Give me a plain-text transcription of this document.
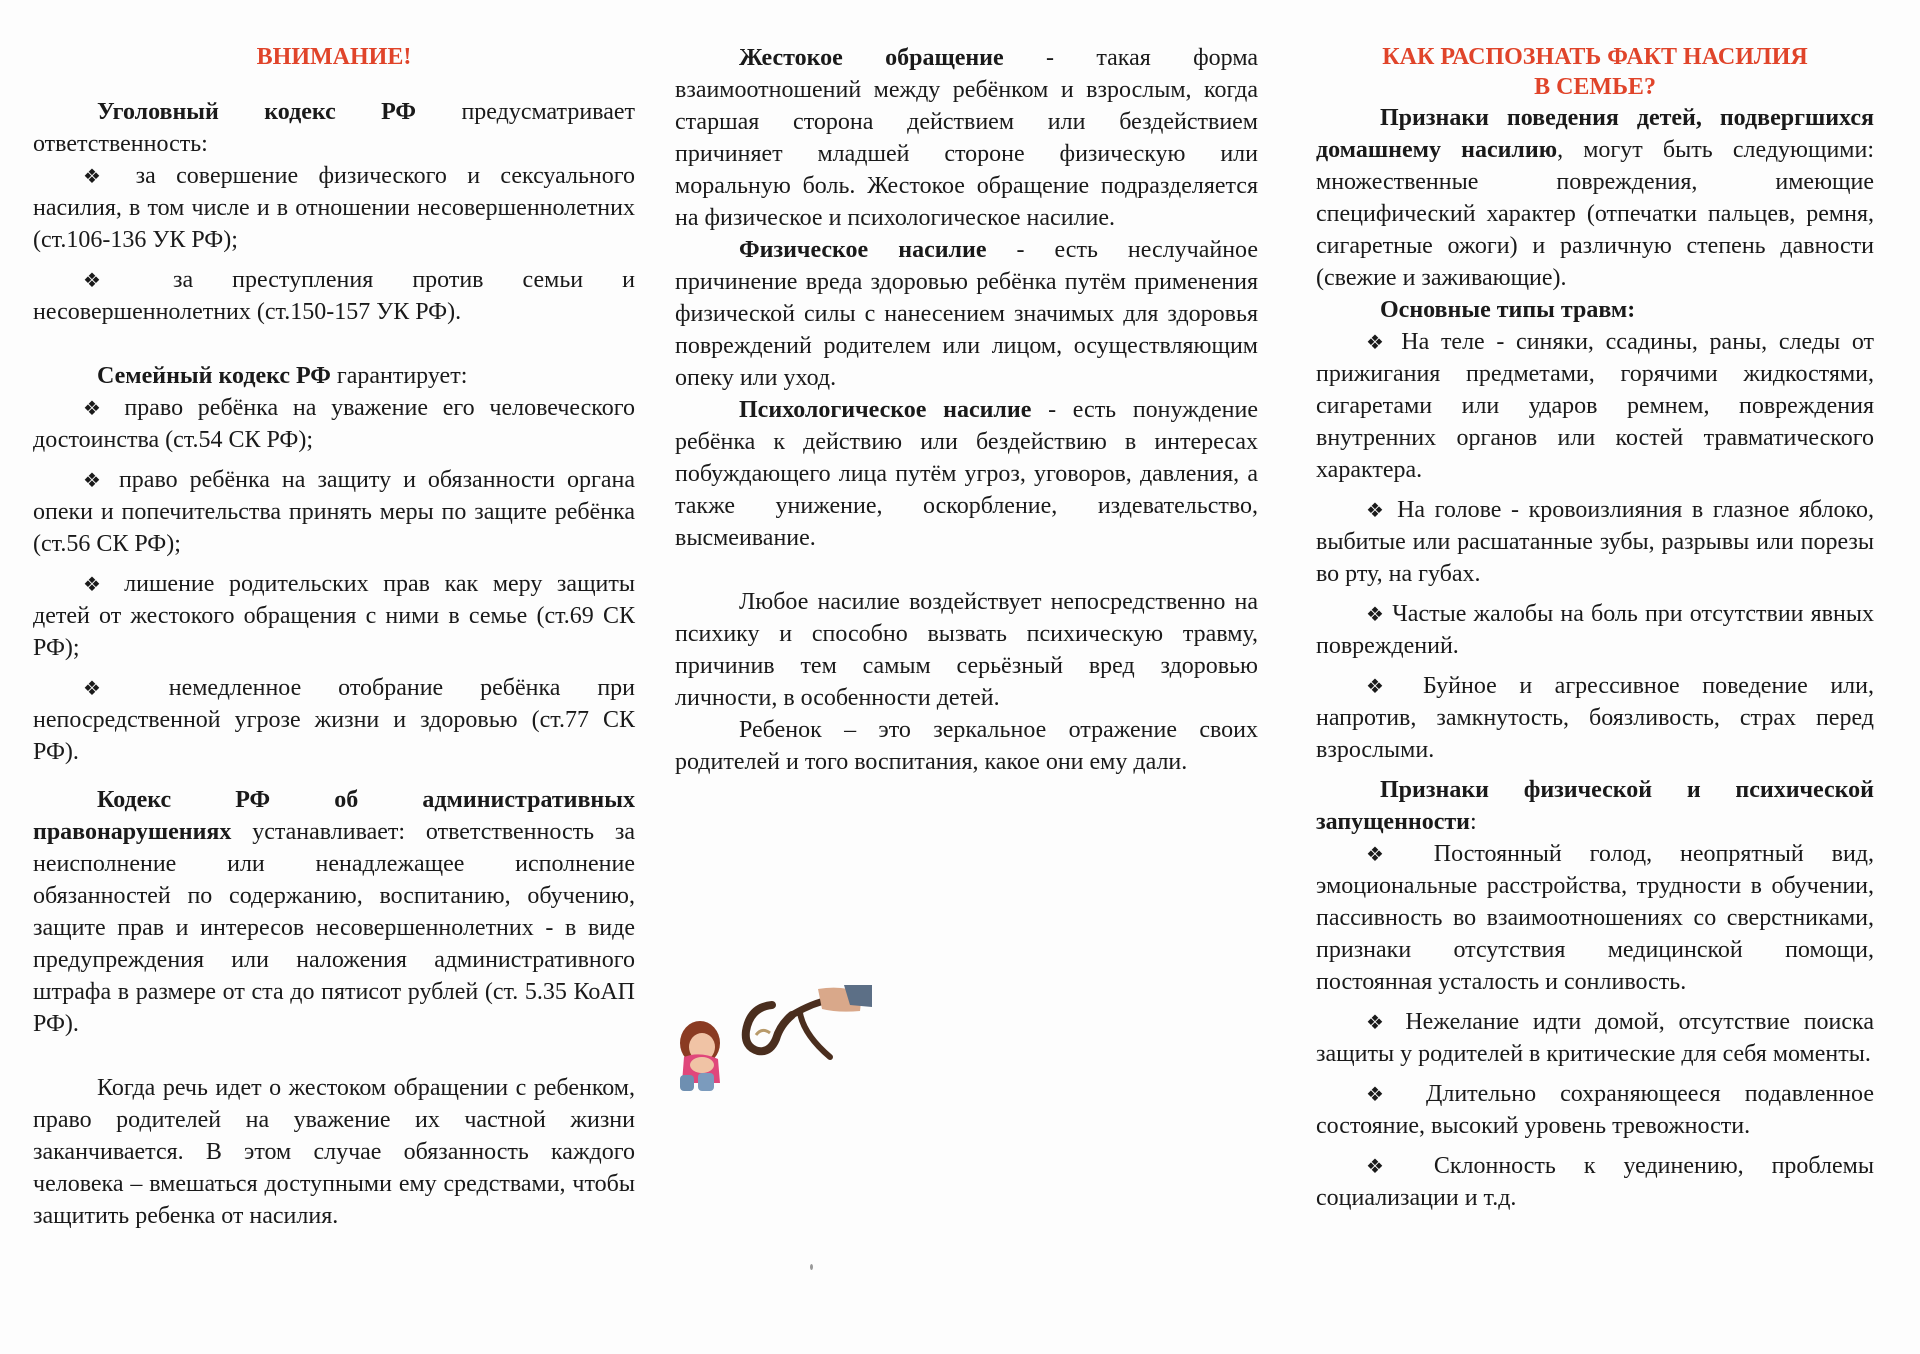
ВНИМАНИЕ!

Уголовный кодекс РФ предусматривает ответственность:

❖ за совершение физического и сексуального насилия, в том числе и в отношении несовершеннолетних (ст.106-136 УК РФ);

❖ за преступления против семьи и несовершеннолетних (ст.150-157 УК РФ).

Семейный кодекс РФ гарантирует:

❖ право ребёнка на уважение его человеческого достоинства (ст.54 СК РФ);

❖ право ребёнка на защиту и обязанности органа опеки и попечительства принять меры по защите ребёнка (ст.56 СК РФ);

❖ лишение родительских прав как меру защиты детей от жестокого обращения с ними в семье (ст.69 СК РФ);

❖ немедленное отобрание ребёнка при непосредственной угрозе жизни и здоровью (ст.77 СК РФ).

Кодекс РФ об административных правонарушениях устанавливает: ответственность за неисполнение или ненадлежащее исполнение обязанностей по содержанию, воспитанию, обучению, защите прав и интересов несовершеннолетних - в виде предупреждения или наложения административного штрафа в размере от ста до пятисот рублей (ст. 5.35 КоАП РФ).

Когда речь идет о жестоком обращении с ребенком, право родителей на уважение их частной жизни заканчивается. В этом случае обязанность каждого человека – вмешаться доступными ему средствами, чтобы защитить ребенка от насилия.

Жестокое обращение - такая форма взаимоотношений между ребёнком и взрослым, когда старшая сторона действием или бездействием причиняет младшей стороне физическую или моральную боль. Жестокое обращение подразделяется на физическое и психологическое насилие.

Физическое насилие - есть неслучайное причинение вреда здоровью ребёнка путём применения физической силы с нанесением значимых для здоровья повреждений родителем или лицом, осуществляющим опеку или уход.

Психологическое насилие - есть понуждение ребёнка к действию или бездействию в интересах побуждающего лица путём угроз, уговоров, давления, а также унижение, оскорбление, издевательство, высмеивание.

Любое насилие воздействует непосредственно на психику и способно вызвать психическую травму, причинив тем самым серьёзный вред здоровью личности, в особенности детей.

Ребенок – это зеркальное отражение своих родителей и того воспитания, какое они ему дали.

КАК РАСПОЗНАТЬ ФАКТ НАСИЛИЯ
В СЕМЬЕ?

Признаки поведения детей, подвергшихся домашнему насилию, могут быть следующими: множественные повреждения, имеющие специфический характер (отпечатки пальцев, ремня, сигаретные ожоги) и различную степень давности (свежие и заживающие).

Основные типы травм:

❖ На теле - синяки, ссадины, раны, следы от прижигания предметами, горячими жидкостями, сигаретами или ударов ремнем, повреждения внутренних органов или костей травматического характера.

❖ На голове - кровоизлияния в глазное яблоко, выбитые или расшатанные зубы, разрывы или порезы во рту, на губах.

❖ Частые жалобы на боль при отсутствии явных повреждений.

❖ Буйное и агрессивное поведение или, напротив, замкнутость, боязливость, страх перед взрослыми.

Признаки физической и психической запущенности:

❖ Постоянный голод, неопрятный вид, эмоциональные расстройства, трудности в обучении, пассивность во взаимоотношениях со сверстниками, признаки отсутствия медицинской помощи, постоянная усталость и сонливость.

❖ Нежелание идти домой, отсутствие поиска защиты у родителей в критические для себя моменты.

❖ Длительно сохраняющееся подавленное состояние, высокий уровень тревожности.

❖ Склонность к уединению, проблемы социализации и т.д.
